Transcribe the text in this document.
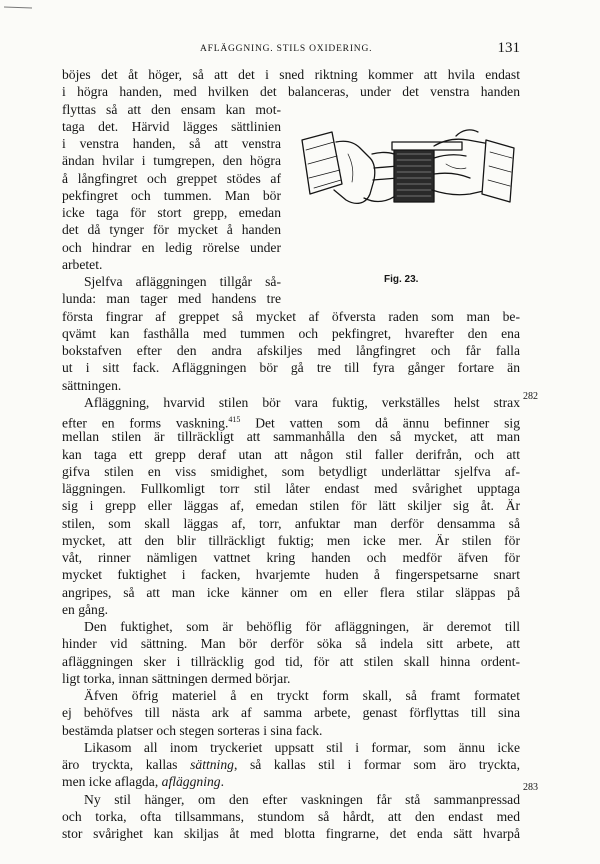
AFLÄGGNING. STILS OXIDERING.	131
böjes det åt höger, så att det i sned riktning kommer att hvila endast
i högra handen, med hvilken det balanceras, under det venstra handen
flyttas så att den ensam kan mot-
taga det. Härvid lägges sättlinien
i venstra handen, så att venstra
ändan hvilar i tumgrepen, den högra
å långfingret och greppet stödes af
pekfingret och tummen. Man bör
icke taga för stort grepp, emedan
det då tynger för mycket å handen
och hindrar en ledig rörelse under
arbetet.
Sjelfva afläggningen tillgår så-
lunda: man tager med handens tre
första fingrar af greppet så mycket af öfversta raden som man be-
qvämt kan fasthålla med tummen och pekfingret, hvarefter den ena
bokstafven efter den andra afskiljes med långfingret och får falla
ut i sitt fack. Afläggningen bör gå tre till fyra gånger fortare än
sättningen.
Afläggning, hvarvid stilen bör vara fuktig, verkställes helst strax
efter en forms vaskning.$^{415}$ Det vatten som då ännu befinner sig
mellan stilen är tillräckligt att sammanhålla den så mycket, att man
kan taga ett grepp deraf utan att någon stil faller derifrån, och att
gifva stilen en viss smidighet, som betydligt underlättar sjelfva af-
läggningen. Fullkomligt torr stil låter endast med svårighet upptaga
sig i grepp eller läggas af, emedan stilen för lätt skiljer sig åt. Är
stilen, som skall läggas af, torr, anfuktar man derför densamma så
mycket, att den blir tillräckligt fuktig; men icke mer. Är stilen för
våt, rinner nämligen vattnet kring handen och medför äfven för
mycket fuktighet i facken, hvarjemte huden å fingerspetsarne snart
angripes, så att man icke känner om en eller flera stilar släppas på
en gång.
Den fuktighet, som är behöflig för afläggningen, är deremot till
hinder vid sättning. Man bör derför söka så indela sitt arbete, att
afläggningen sker i tillräcklig god tid, för att stilen skall hinna ordent-
ligt torka, innan sättningen dermed börjar.
Äfven öfrig materiel å en tryckt form skall, så framt formatet
ej behöfves till nästa ark af samma arbete, genast förflyttas till sina
bestämda platser och stegen sorteras i sina fack.
Likasom all inom tryckeriet uppsatt stil i formar, som ännu icke
äro tryckta, kallas sättning, så kallas stil i formar som äro tryckta,
men icke aflagda, afläggning.
Ny stil hänger, om den efter vaskningen får stå sammanpressad
och torka, ofta tillsammans, stundom så hårdt, att den endast med
stor svårighet kan skiljas åt med blotta fingrarne, det enda sätt hvarpå
282
283
Fig. 23.
